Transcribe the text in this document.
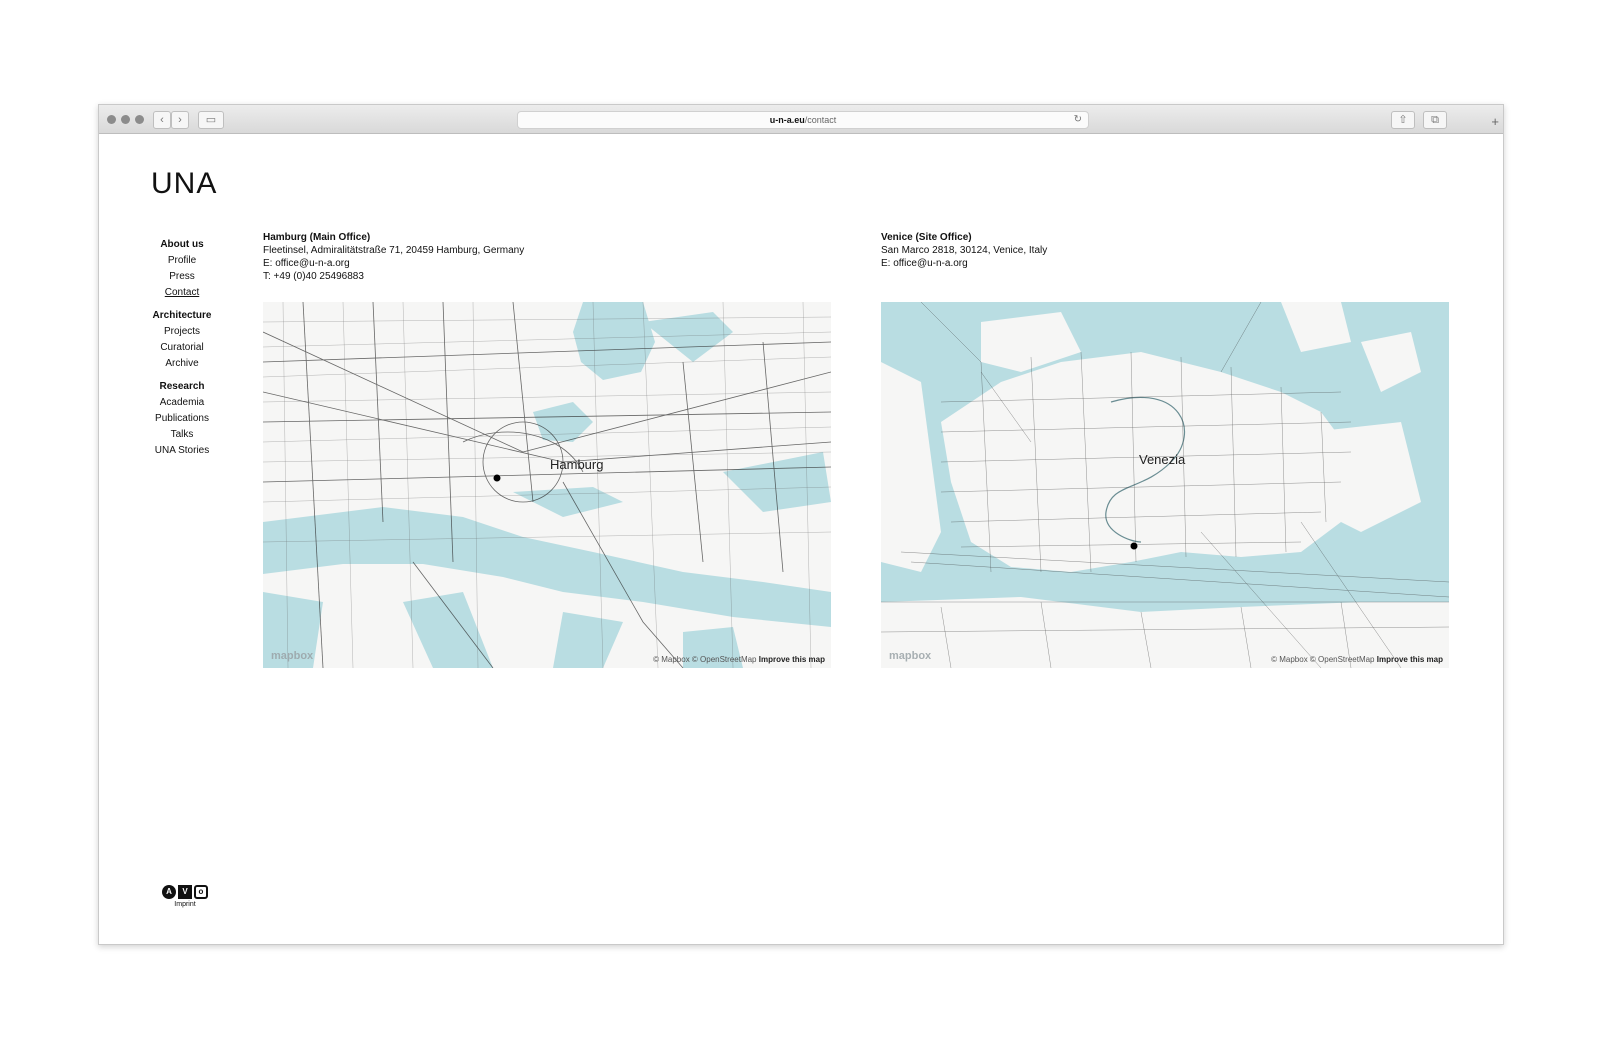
‹	›	▭	u-n-a.eu/contact	↻	⇧	⧉	+
UNA
About us
Profile
Press
Contact
Architecture
Projects
Curatorial
Archive
Research
Academia
Publications
Talks
UNA Stories
Hamburg (Main Office)
Fleetinsel, Admiralitätstraße 71, 20459 Hamburg, Germany
E: office@u-n-a.org
T: +49 (0)40 25496883
Hamburg
mapbox	© Mapbox © OpenStreetMap Improve this map
Venice (Site Office)
San Marco 2818, 30124, Venice, Italy
E: office@u-n-a.org
Venezia
mapbox	© Mapbox © OpenStreetMap Improve this map
A V o
Imprint
